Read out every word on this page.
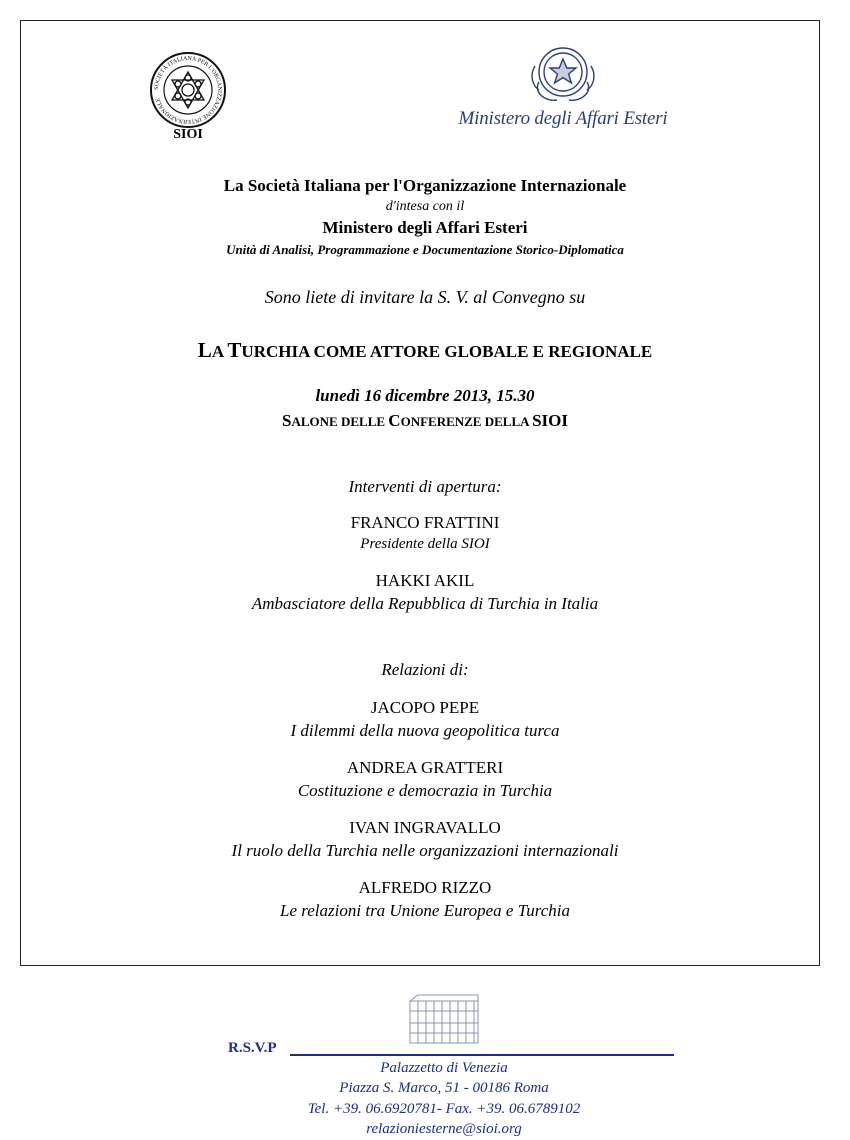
SOCIETÀ ITALIANA PER L'ORGANIZZAZIONE INTERNAZIONALE
SIOI
Ministero degli Affari Esteri
La Società Italiana per l'Organizzazione Internazionale
d'intesa con il
Ministero degli Affari Esteri
Unità di Analisi, Programmazione e Documentazione Storico-Diplomatica
Sono liete di invitare la S. V. al Convegno su
LA TURCHIA COME ATTORE GLOBALE E REGIONALE
lunedì 16 dicembre 2013, 15.30
SALONE DELLE CONFERENZE DELLA SIOI
Interventi di apertura:
FRANCO FRATTINI
Presidente della SIOI
HAKKI AKIL
Ambasciatore della Repubblica di Turchia in Italia
Relazioni di:
JACOPO PEPE
I dilemmi della nuova geopolitica turca
ANDREA GRATTERI
Costituzione e democrazia in Turchia
IVAN INGRAVALLO
Il ruolo della Turchia nelle organizzazioni internazionali
ALFREDO RIZZO
Le relazioni tra Unione Europea e Turchia
R.S.V.P
Palazzetto di Venezia
Piazza S. Marco, 51 - 00186 Roma
Tel. +39. 06.6920781- Fax. +39. 06.6789102
relazioniesterne@sioi.org
